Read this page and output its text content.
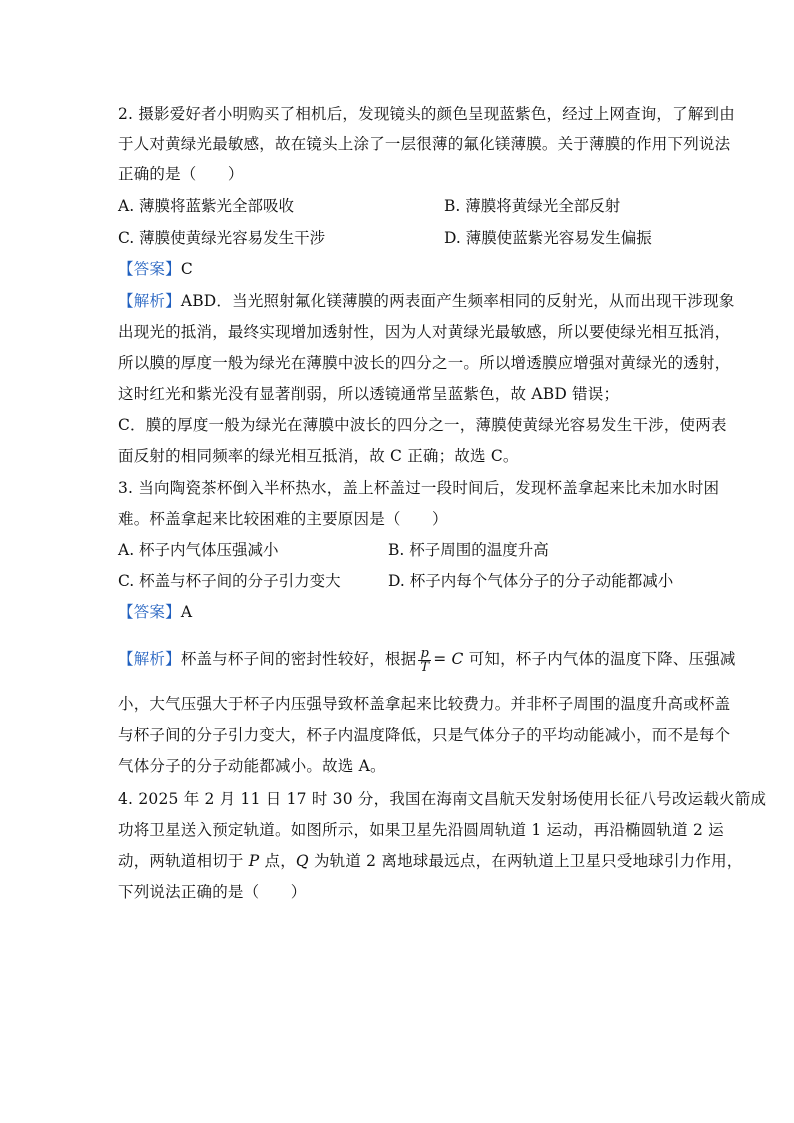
2. 摄影爱好者小明购买了相机后，发现镜头的颜色呈现蓝紫色，经过上网查询，了解到由
于人对黄绿光最敏感，故在镜头上涂了一层很薄的氟化镁薄膜。关于薄膜的作用下列说法
正确的是（　　）
A. 薄膜将蓝紫光全部吸收	B. 薄膜将黄绿光全部反射
C. 薄膜使黄绿光容易发生干涉	D. 薄膜使蓝紫光容易发生偏振
【答案】C
【解析】ABD．当光照射氟化镁薄膜的两表面产生频率相同的反射光，从而出现干涉现象
出现光的抵消，最终实现增加透射性，因为人对黄绿光最敏感，所以要使绿光相互抵消，
所以膜的厚度一般为绿光在薄膜中波长的四分之一。所以增透膜应增强对黄绿光的透射，
这时红光和紫光没有显著削弱，所以透镜通常呈蓝紫色，故 ABD 错误；
C．膜的厚度一般为绿光在薄膜中波长的四分之一，薄膜使黄绿光容易发生干涉，使两表
面反射的相同频率的绿光相互抵消，故 C 正确；故选 C。
3. 当向陶瓷茶杯倒入半杯热水，盖上杯盖过一段时间后，发现杯盖拿起来比未加水时困
难。杯盖拿起来比较困难的主要原因是（　　）
A. 杯子内气体压强减小	B. 杯子周围的温度升高
C. 杯盖与杯子间的分子引力变大	D. 杯子内每个气体分子的分子动能都减小
【答案】A
【解析】杯盖与杯子间的密封性较好，根据 $\frac{p}{T} = C$ 可知，杯子内气体的温度下降、压强减
小，大气压强大于杯子内压强导致杯盖拿起来比较费力。并非杯子周围的温度升高或杯盖
与杯子间的分子引力变大，杯子内温度降低，只是气体分子的平均动能减小，而不是每个
气体分子的分子动能都减小。故选 A。
4. 2025 年 2 月 11 日 17 时 30 分，我国在海南文昌航天发射场使用长征八号改运载火箭成
功将卫星送入预定轨道。如图所示，如果卫星先沿圆周轨道 1 运动，再沿椭圆轨道 2 运
动，两轨道相切于 P 点，Q 为轨道 2 离地球最远点，在两轨道上卫星只受地球引力作用，
下列说法正确的是（　　）
